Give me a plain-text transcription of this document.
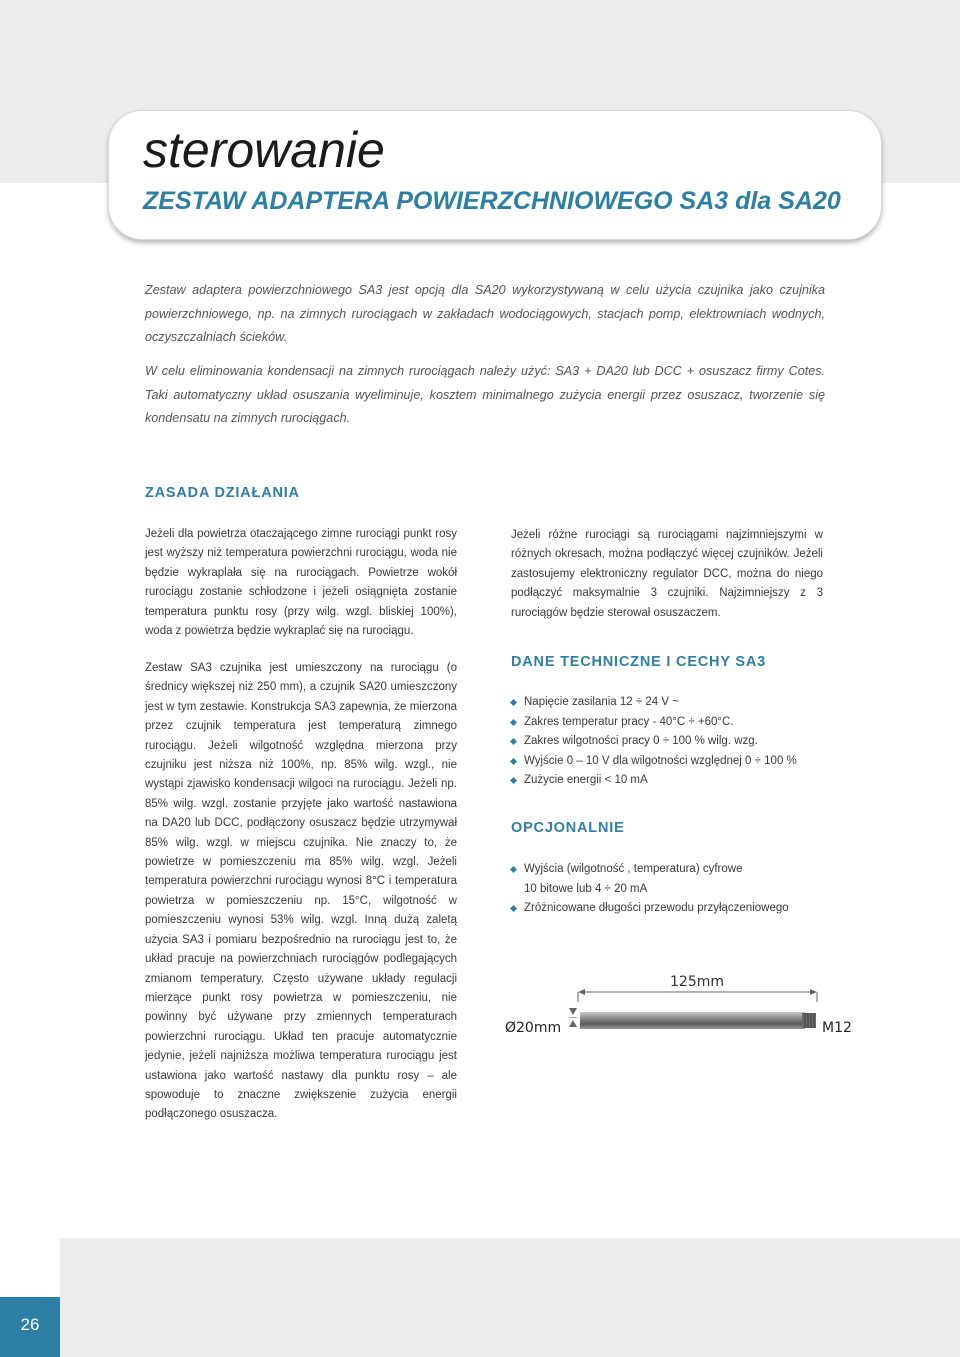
sterowanie
ZESTAW ADAPTERA POWIERZCHNIOWEGO SA3 dla SA20

Zestaw adaptera powierzchniowego SA3 jest opcją dla SA20 wykorzystywaną w celu użycia czujnika jako czujnika powierzchniowego, np. na zimnych rurociągach w zakładach wodociągowych, stacjach pomp, elektrowniach wodnych, oczyszczalniach ścieków.

W celu eliminowania kondensacji na zimnych rurociągach należy użyć: SA3 + DA20 lub DCC + osuszacz firmy Cotes. Taki automatyczny układ osuszania wyeliminuje, kosztem minimalnego zużycia energii przez osuszacz, tworzenie się kondensatu na zimnych rurociągach.

ZASADA DZIAŁANIA

Jeżeli dla powietrza otaczającego zimne rurociągi punkt rosy jest wyższy niż temperatura powierzchni rurociągu, woda nie będzie wykraplała się na rurociągach. Powietrze wokół rurociągu zostanie schłodzone i jeżeli osiągnięta zostanie temperatura punktu rosy (przy wilg. wzgl. bliskiej 100%), woda z powietrza będzie wykraplać się na rurociągu.

Zestaw SA3 czujnika jest umieszczony na rurociągu (o średnicy większej niż 250 mm), a czujnik SA20 umieszczony jest w tym zestawie. Konstrukcja SA3 zapewnia, że mierzona przez czujnik temperatura jest temperaturą zimnego rurociągu. Jeżeli wilgotność względna mierzona przy czujniku jest niższa niż 100%, np. 85% wilg. wzgl., nie wystąpi zjawisko kondensacji wilgoci na rurociągu. Jeżeli np. 85% wilg. wzgl. zostanie przyjęte jako wartość nastawiona na DA20 lub DCC, podłączony osuszacz będzie utrzymywał 85% wilg. wzgl. w miejscu czujnika. Nie znaczy to, że powietrze w pomieszczeniu ma 85% wilg. wzgl. Jeżeli temperatura powierzchni rurociągu wynosi 8°C i temperatura powietrza w pomieszczeniu np. 15°C, wilgotność w pomieszczeniu wynosi 53% wilg. wzgl. Inną dużą zaletą użycia SA3 i pomiaru bezpośrednio na rurociągu jest to, że układ pracuje na powierzchniach rurociągów podlegających zmianom temperatury. Często używane układy regulacji mierzące punkt rosy powietrza w pomieszczeniu, nie powinny być używane przy zmiennych temperaturach powierzchni rurociągu. Układ ten pracuje automatycznie jedynie, jeżeli najniższa możliwa temperatura rurociągu jest ustawiona jako wartość nastawy dla punktu rosy – ale spowoduje to znaczne zwiększenie zużycia energii podłączonego osuszacza.

Jeżeli różne rurociągi są rurociągami najzimniejszymi w różnych okresach, można podłączyć więcej czujników. Jeżeli zastosujemy elektroniczny regulator DCC, można do niego podłączyć maksymalnie 3 czujniki. Najzimniejszy z 3 rurociągów będzie sterował osuszaczem.

DANE TECHNICZNE I CECHY SA3
Napięcie zasilania 12 ÷ 24 V ~
Zakres temperatur pracy - 40°C ÷ +60°C.
Zakres wilgotności pracy 0 ÷ 100 % wilg. wzg.
Wyjście 0 – 10 V dla wilgotności względnej 0 ÷ 100 %
Zużycie energii < 10 mA
OPCJONALNIE
Wyjścia (wilgotność , temperatura) cyfrowe
10 bitowe lub 4 ÷ 20 mA
Zróżnicowane długości przewodu przyłączeniowego
125mm
Ø20mm	M12
26
